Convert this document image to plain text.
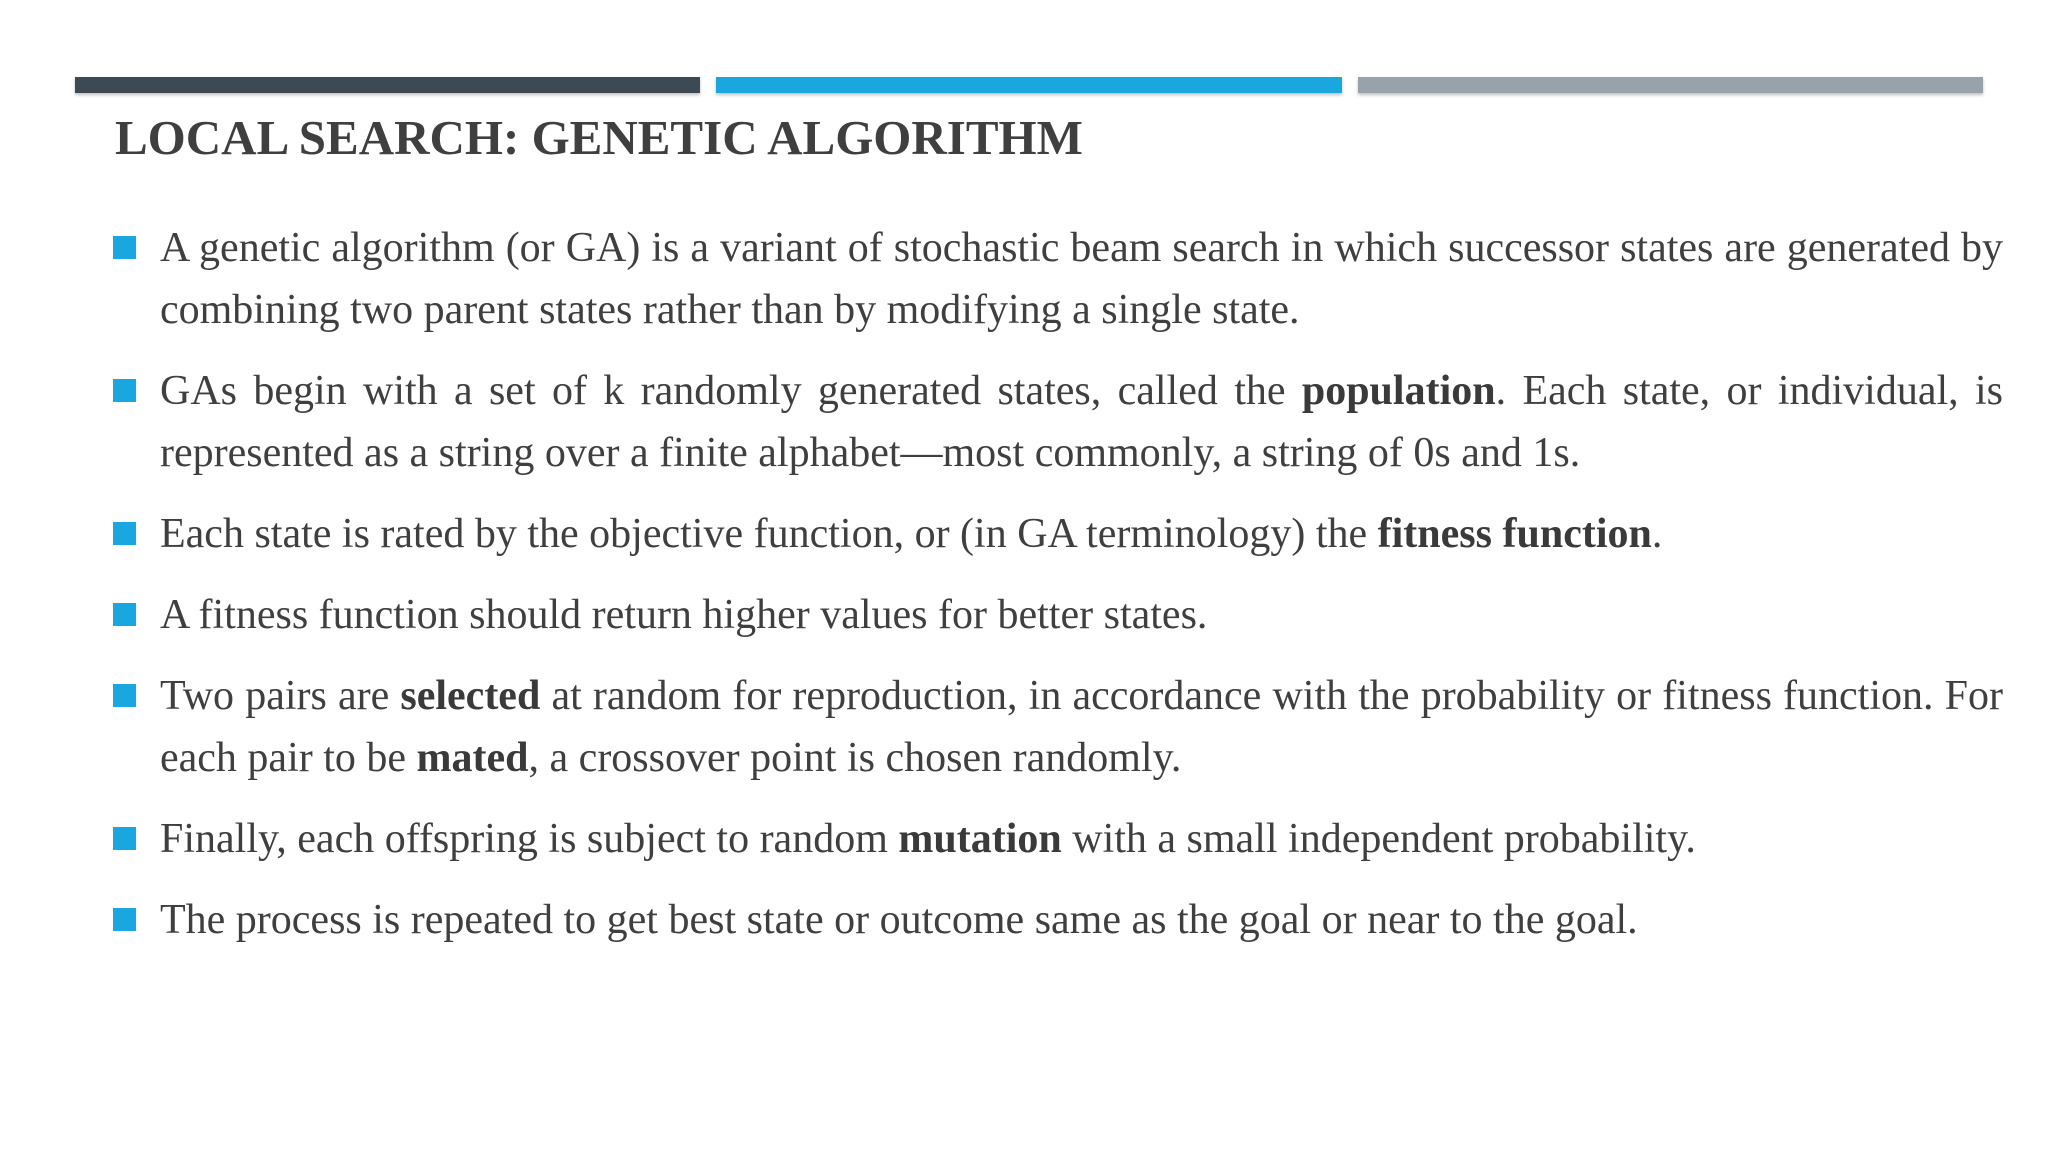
LOCAL SEARCH: GENETIC ALGORITHM
A genetic algorithm (or GA) is a variant of stochastic beam search in which successor states are generated by combining two parent states rather than by modifying a single state.
GAs begin with a set of k randomly generated states, called the population. Each state, or individual, is represented as a string over a finite alphabet—most commonly, a string of 0s and 1s.
Each state is rated by the objective function, or (in GA terminology) the fitness function.
A fitness function should return higher values for better states.
Two pairs are selected at random for reproduction, in accordance with the probability or fitness function. For each pair to be mated, a crossover point is chosen randomly.
Finally, each offspring is subject to random mutation with a small independent probability.
The process is repeated to get best state or outcome same as the goal or near to the goal.
